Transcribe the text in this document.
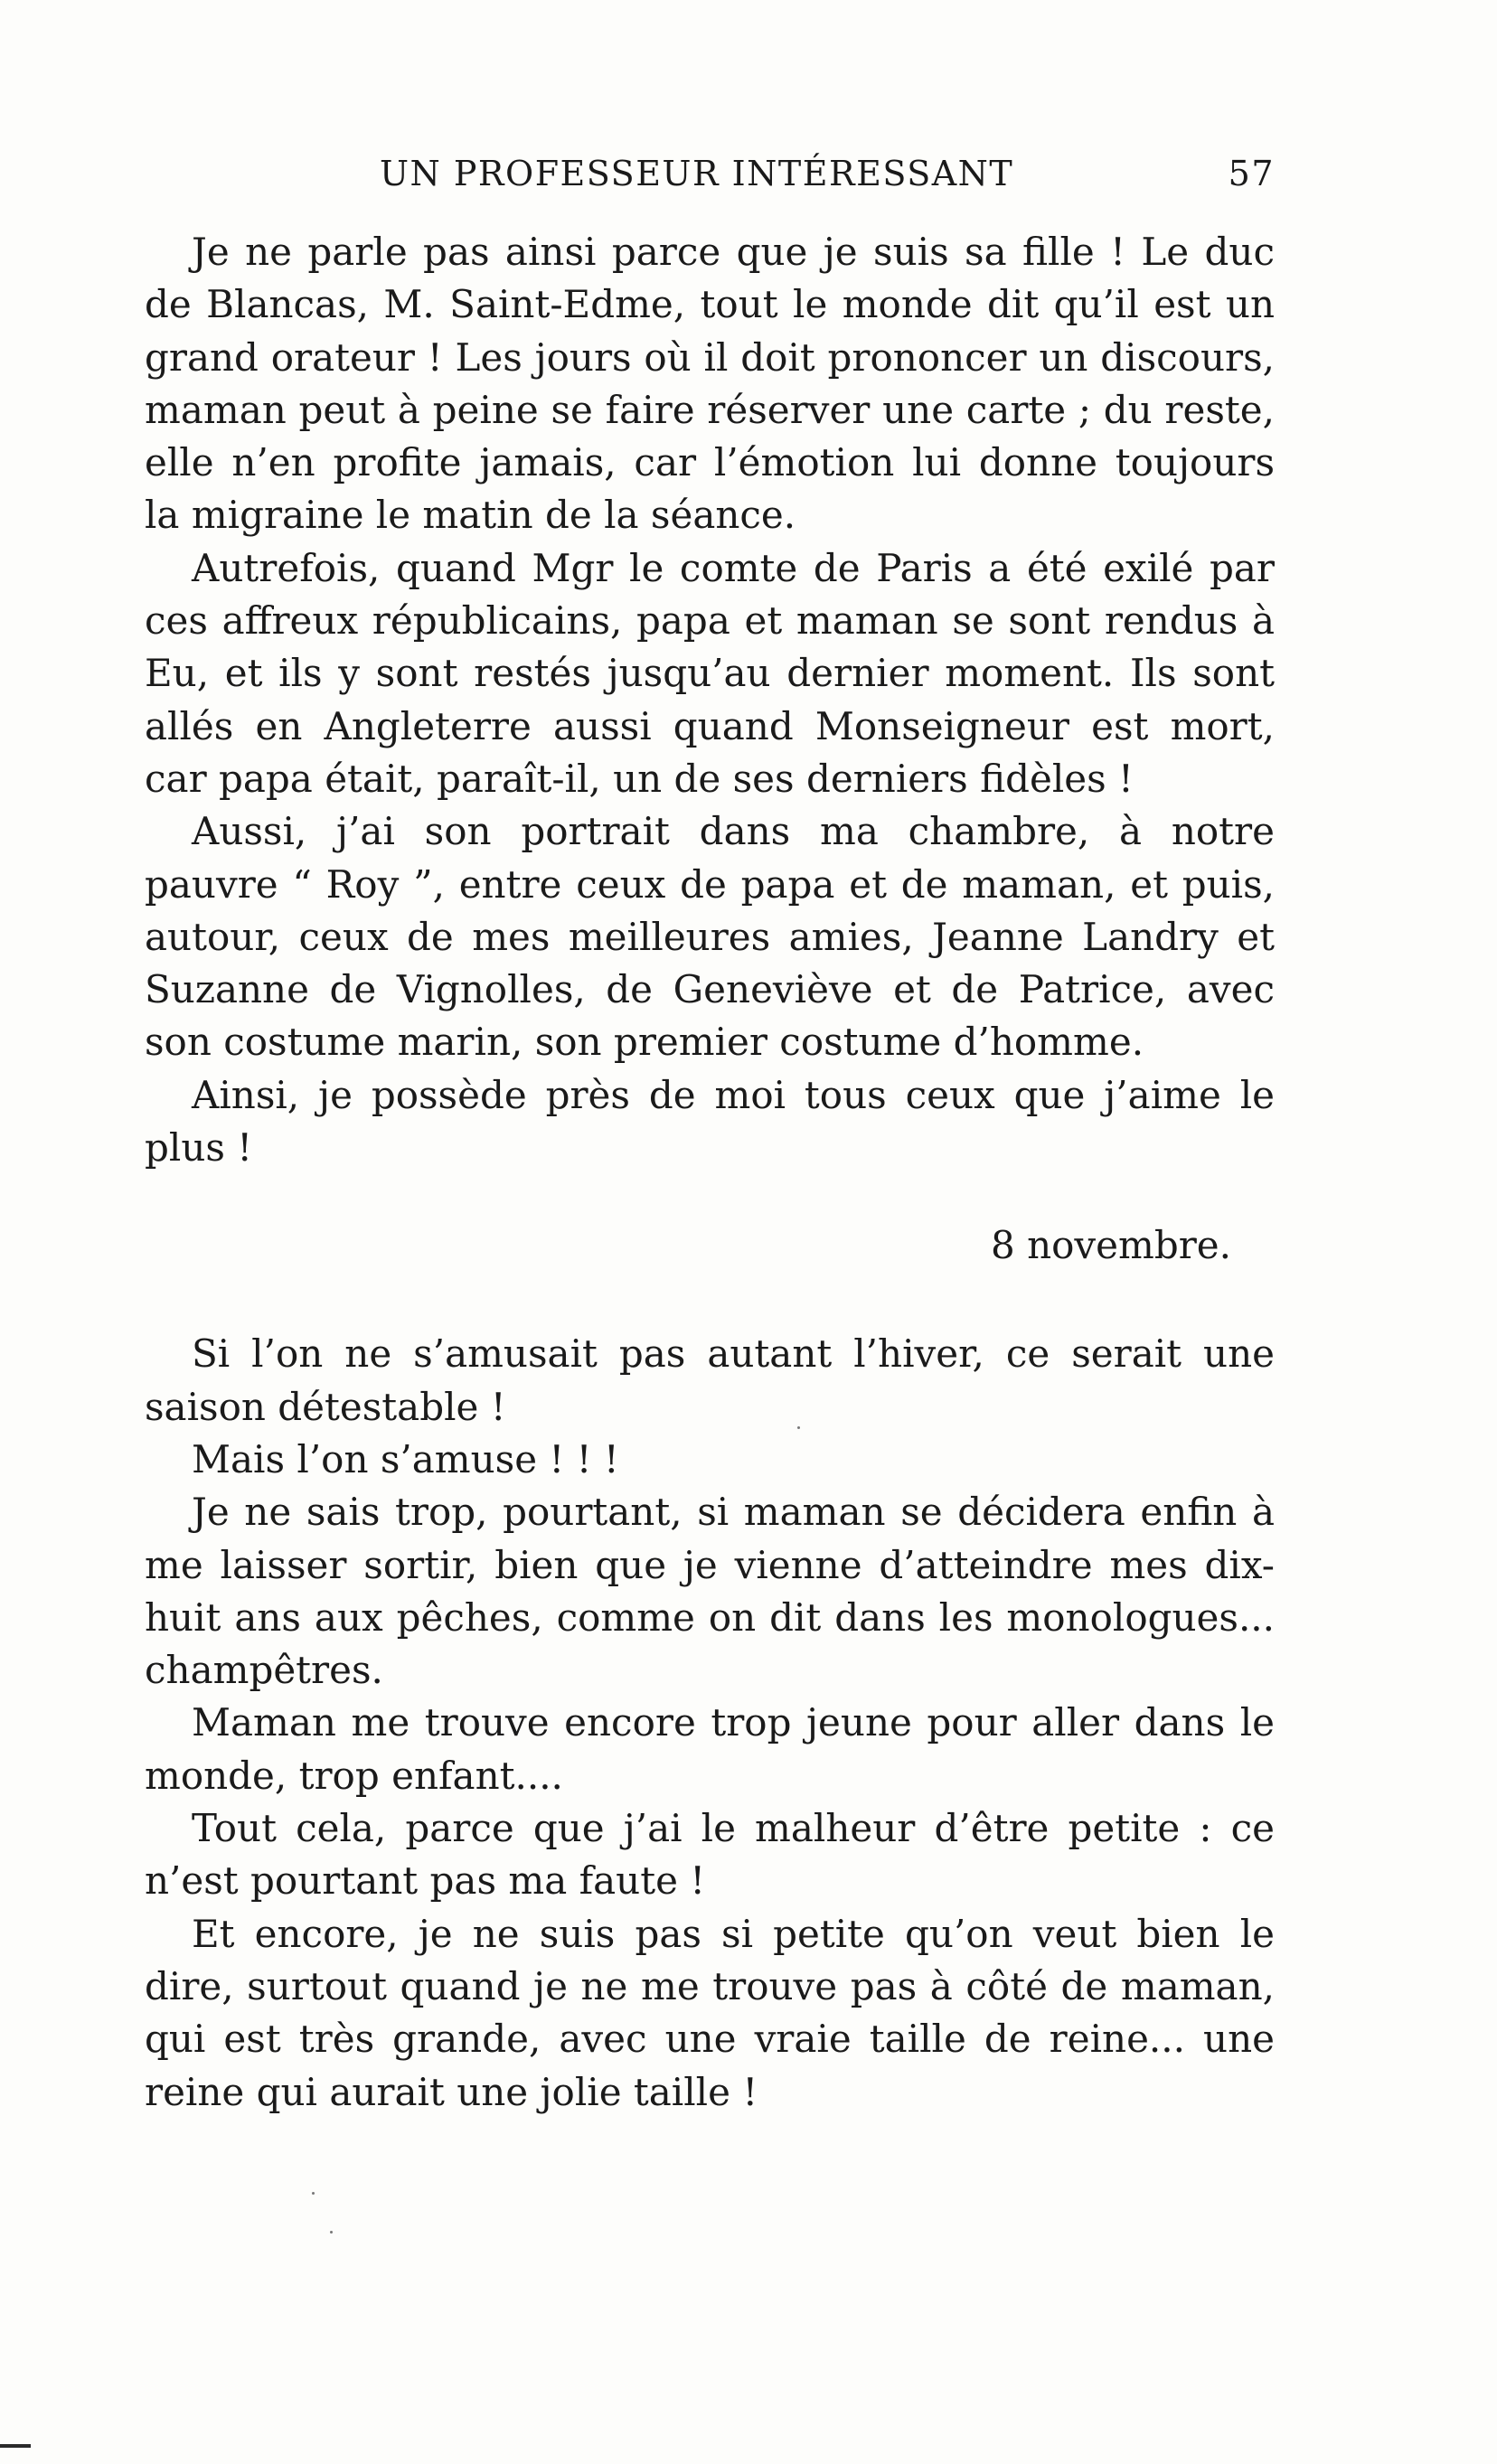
UN PROFESSEUR INTÉRESSANT	57

Je ne parle pas ainsi parce que je suis sa fille ! Le duc de Blancas, M. Saint-Edme, tout le monde dit qu’il est un grand orateur ! Les jours où il doit prononcer un discours, maman peut à peine se faire réserver une carte ; du reste, elle n’en profite jamais, car l’émotion lui donne toujours la migraine le matin de la séance.

Autrefois, quand Mgr le comte de Paris a été exilé par ces affreux républicains, papa et maman se sont rendus à Eu, et ils y sont restés jusqu’au dernier moment. Ils sont allés en Angleterre aussi quand Monseigneur est mort, car papa était, paraît-il, un de ses derniers fidèles !

Aussi, j’ai son portrait dans ma chambre, à notre pauvre “ Roy ”, entre ceux de papa et de maman, et puis, autour, ceux de mes meilleures amies, Jeanne Landry et Suzanne de Vignolles, de Geneviève et de Patrice, avec son costume marin, son premier costume d’homme.

Ainsi, je possède près de moi tous ceux que j’aime le plus !

8 novembre.

Si l’on ne s’amusait pas autant l’hiver, ce serait une saison détestable !

Mais l’on s’amuse ! ! !

Je ne sais trop, pourtant, si maman se décidera enfin à me laisser sortir, bien que je vienne d’atteindre mes dix-huit ans aux pêches, comme on dit dans les monologues... champêtres.

Maman me trouve encore trop jeune pour aller dans le monde, trop enfant....

Tout cela, parce que j’ai le malheur d’être petite : ce n’est pourtant pas ma faute !

Et encore, je ne suis pas si petite qu’on veut bien le dire, surtout quand je ne me trouve pas à côté de maman, qui est très grande, avec une vraie taille de reine... une reine qui aurait une jolie taille !
